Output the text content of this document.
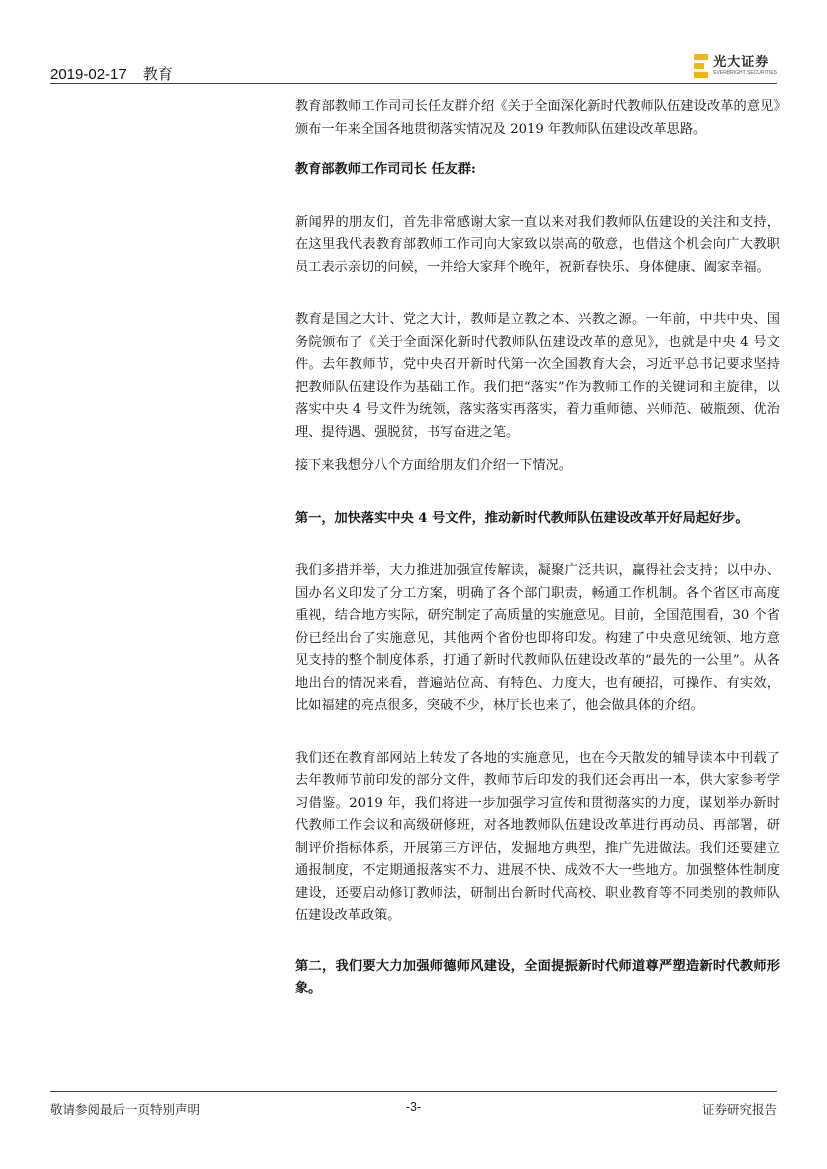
2019-02-17 教育
光大证券
EVERBRIGHT SECURITIES

教育部教师工作司司长任友群介绍《关于全面深化新时代教师队伍建设改革的意见》颁布一年来全国各地贯彻落实情况及 2019 年教师队伍建设改革思路。

教育部教师工作司司长 任友群:

新闻界的朋友们，首先非常感谢大家一直以来对我们教师队伍建设的关注和支持，在这里我代表教育部教师工作司向大家致以崇高的敬意，也借这个机会向广大教职员工表示亲切的问候，一并给大家拜个晚年，祝新春快乐、身体健康、阖家幸福。

教育是国之大计、党之大计，教师是立教之本、兴教之源。一年前，中共中央、国务院颁布了《关于全面深化新时代教师队伍建设改革的意见》，也就是中央 4 号文件。去年教师节，党中央召开新时代第一次全国教育大会，习近平总书记要求坚持把教师队伍建设作为基础工作。我们把“落实”作为教师工作的关键词和主旋律，以落实中央 4 号文件为统领，落实落实再落实，着力重师德、兴师范、破瓶颈、优治理、提待遇、强脱贫，书写奋进之笔。

接下来我想分八个方面给朋友们介绍一下情况。

第一，加快落实中央 4 号文件，推动新时代教师队伍建设改革开好局起好步。

我们多措并举，大力推进加强宣传解读，凝聚广泛共识，赢得社会支持；以中办、国办名义印发了分工方案，明确了各个部门职责，畅通工作机制。各个省区市高度重视，结合地方实际，研究制定了高质量的实施意见。目前，全国范围看，30 个省份已经出台了实施意见，其他两个省份也即将印发。构建了中央意见统领、地方意见支持的整个制度体系，打通了新时代教师队伍建设改革的“最先的一公里”。从各地出台的情况来看，普遍站位高、有特色、力度大，也有硬招，可操作、有实效，比如福建的亮点很多，突破不少，林厅长也来了，他会做具体的介绍。

我们还在教育部网站上转发了各地的实施意见，也在今天散发的辅导读本中刊载了去年教师节前印发的部分文件，教师节后印发的我们还会再出一本，供大家参考学习借鉴。2019 年，我们将进一步加强学习宣传和贯彻落实的力度，谋划举办新时代教师工作会议和高级研修班，对各地教师队伍建设改革进行再动员、再部署，研制评价指标体系，开展第三方评估，发掘地方典型，推广先进做法。我们还要建立通报制度，不定期通报落实不力、进展不快、成效不大一些地方。加强整体性制度建设，还要启动修订教师法，研制出台新时代高校、职业教育等不同类别的教师队伍建设改革政策。

第二，我们要大力加强师德师风建设，全面提振新时代师道尊严塑造新时代教师形象。

敬请参阅最后一页特别声明	-3-	证券研究报告
